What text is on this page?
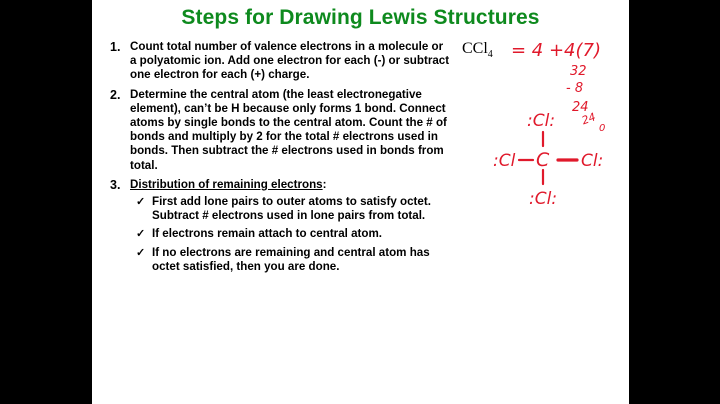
Steps for Drawing Lewis Structures
1. Count total number of valence electrons in a molecule or a polyatomic ion. Add one electron for each (-) or subtract one electron for each (+) charge.
2. Determine the central atom (the least electronegative element), can’t be H because only forms 1 bond. Connect atoms by single bonds to the central atom. Count the # of bonds and multiply by 2 for the total # electrons used in bonds. Then subtract the # electrons used in bonds from total.
3. Distribution of remaining electrons:
✓ First add lone pairs to outer atoms to satisfy octet. Subtract # electrons used in lone pairs from total.
✓ If electrons remain attach to central atom.
✓ If no electrons are remaining and central atom has octet satisfied, then you are done.
CCl$_4$ = 4 +4(7)
32
- 8
24
24
0
:Cl:
:Cl C Cl:
:Cl:
